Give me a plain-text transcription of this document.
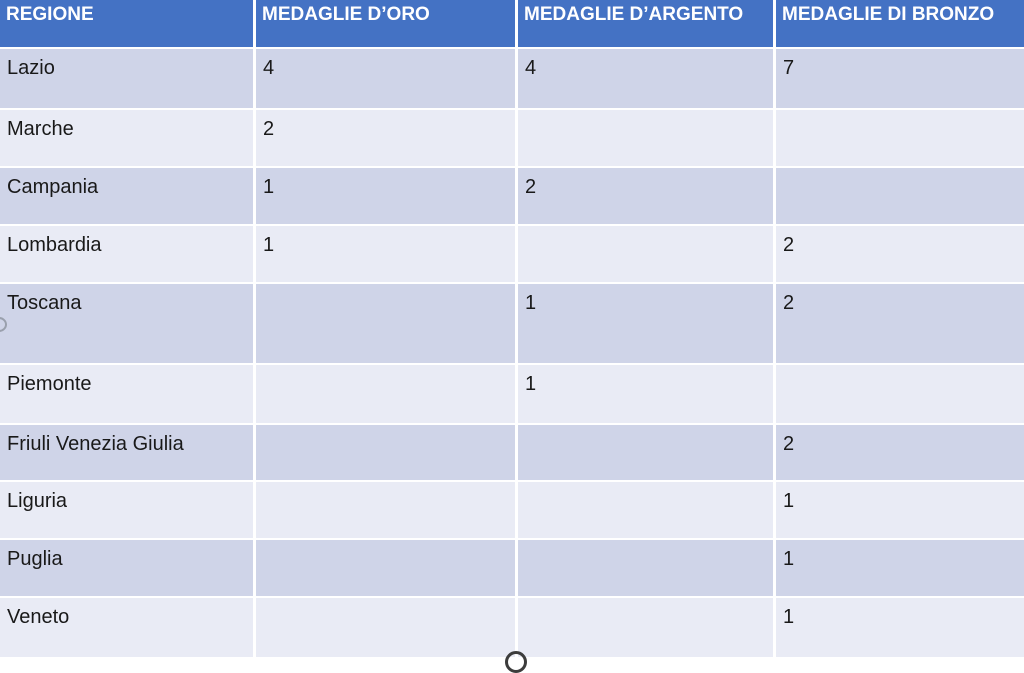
REGIONE	MEDAGLIE D’ORO	MEDAGLIE D’ARGENTO	MEDAGLIE DI BRONZO
Lazio	4	4	7
Marche	2		
Campania	1	2	
Lombardia	1		2
Toscana		1	2
Piemonte		1	
Friuli Venezia Giulia			2
Liguria			1
Puglia			1
Veneto			1
